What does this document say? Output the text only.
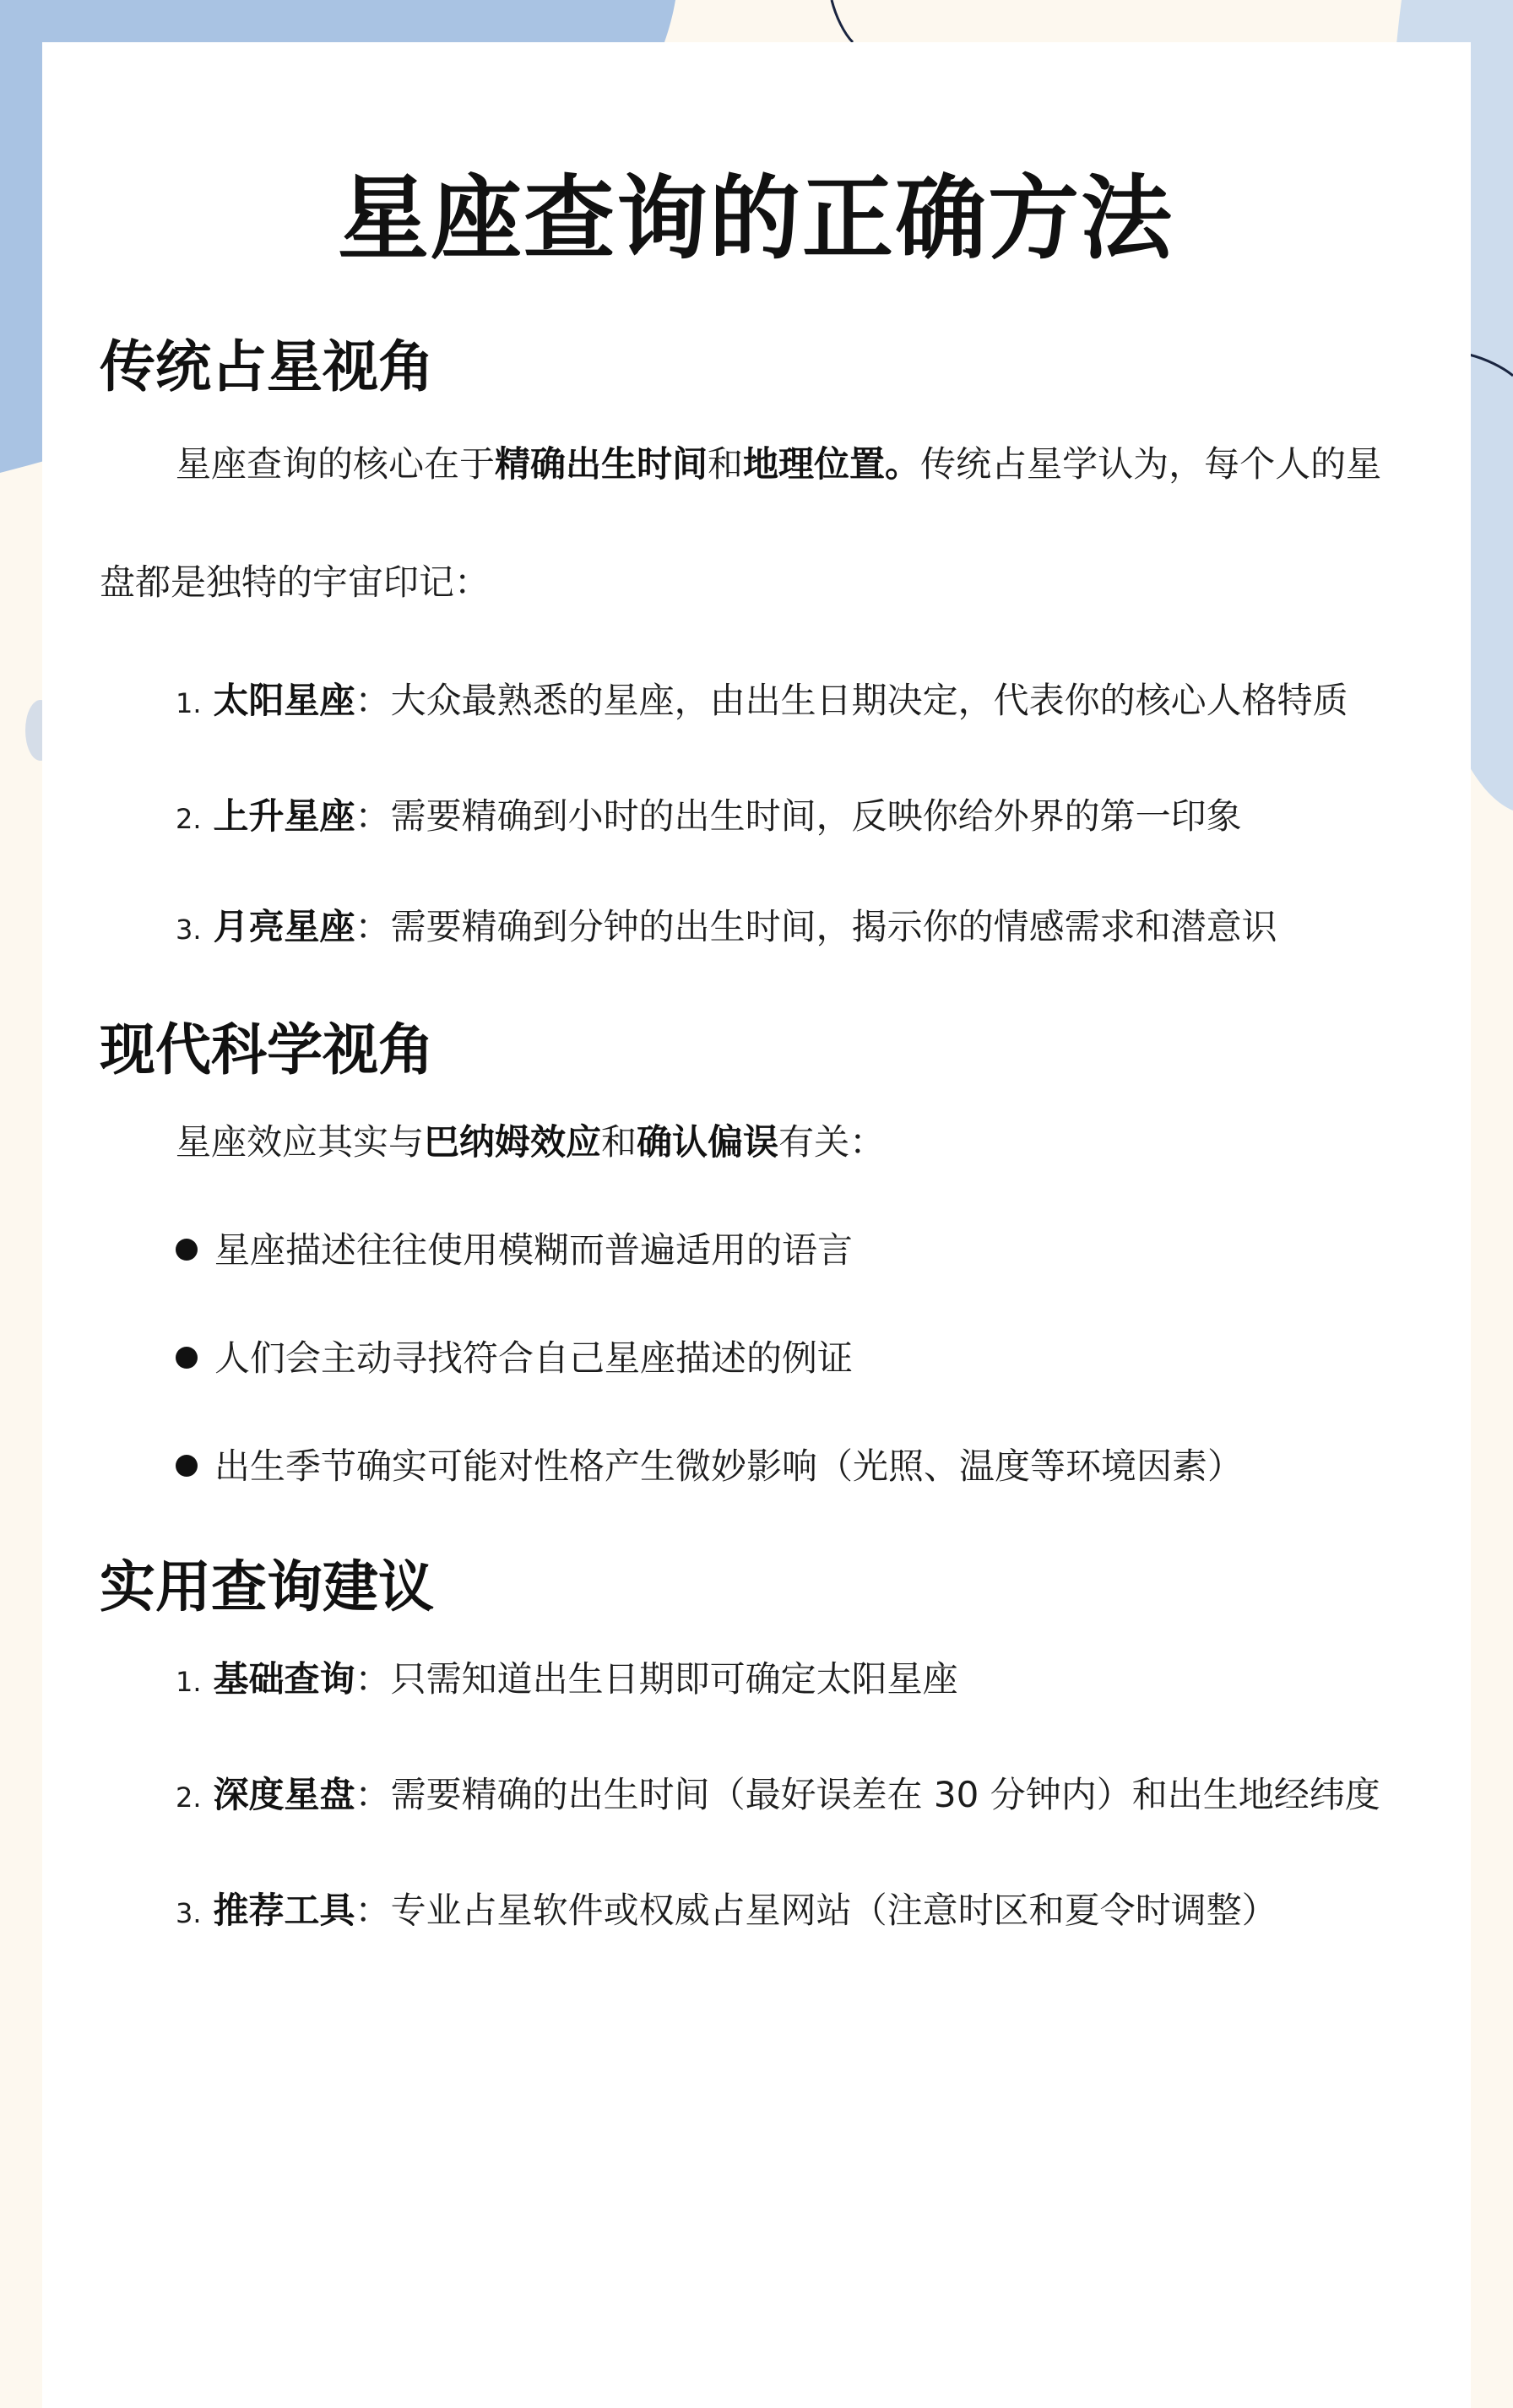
星座查询的正确方法
传统占星视角

星座查询的核心在于精确出生时间和地理位置。传统占星学认为，每个人的星盘都是独特的宇宙印记：

1. 太阳星座：大众最熟悉的星座，由出生日期决定，代表你的核心人格特质
2. 上升星座：需要精确到小时的出生时间，反映你给外界的第一印象
3. 月亮星座：需要精确到分钟的出生时间，揭示你的情感需求和潜意识
现代科学视角

星座效应其实与巴纳姆效应和确认偏误有关：

星座描述往往使用模糊而普遍适用的语言
人们会主动寻找符合自己星座描述的例证
出生季节确实可能对性格产生微妙影响（光照、温度等环境因素）
实用查询建议
1. 基础查询：只需知道出生日期即可确定太阳星座
2. 深度星盘：需要精确的出生时间（最好误差在 30 分钟内）和出生地经纬度
3. 推荐工具：专业占星软件或权威占星网站（注意时区和夏令时调整）
